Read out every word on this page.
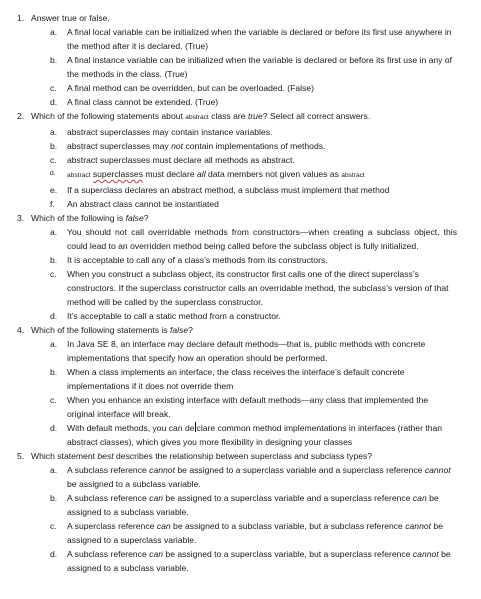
1. Answer true or false.
a. A final local variable can be initialized when the variable is declared or before its first use anywhere in the method after it is declared. (True)
b. A final instance variable can be initialized when the variable is declared or before its first use in any of the methods in the class. (True)
c. A final method can be overridden, but can be overloaded. (False)
d. A final class cannot be extended. (True)
2. Which of the following statements about abstract class are true? Select all correct answers.
a. abstract superclasses may contain instance variables.
b. abstract superclasses may not contain implementations of methods.
c. abstract superclasses must declare all methods as abstract.
d. abstract superclasses must declare all data members not given values as abstract
e. If a superclass declares an abstract method, a subclass must implement that method
f. An abstract class cannot be instantiated
3. Which of the following is false?
a. You should not call overridable methods from constructors—when creating a subclass object, this could lead to an overridden method being called before the subclass object is fully initialized.
b. It is acceptable to call any of a class’s methods from its constructors.
c. When you construct a subclass object, its constructor first calls one of the direct superclass’s constructors. If the superclass constructor calls an overridable method, the subclass’s version of that method will be called by the superclass constructor.
d. It’s acceptable to call a static method from a constructor.
4. Which of the following statements is false?
a. In Java SE 8, an interface may declare default methods—that is, public methods with concrete implementations that specify how an operation should be performed.
b. When a class implements an interface, the class receives the interface’s default concrete implementations if it does not override them
c. When you enhance an existing interface with default methods—any class that implemented the original interface will break.
d. With default methods, you can de clare common method implementations in interfaces (rather than abstract classes), which gives you more flexibility in designing your classes
5. Which statement best describes the relationship between superclass and subclass types?
a. A subclass reference cannot be assigned to a superclass variable and a superclass reference cannot be assigned to a subclass variable.
b. A subclass reference can be assigned to a superclass variable and a superclass reference can be assigned to a subclass variable.
c. A superclass reference can be assigned to a subclass variable, but a subclass reference cannot be assigned to a superclass variable.
d. A subclass reference can be assigned to a superclass variable, but a superclass reference cannot be assigned to a subclass variable.
